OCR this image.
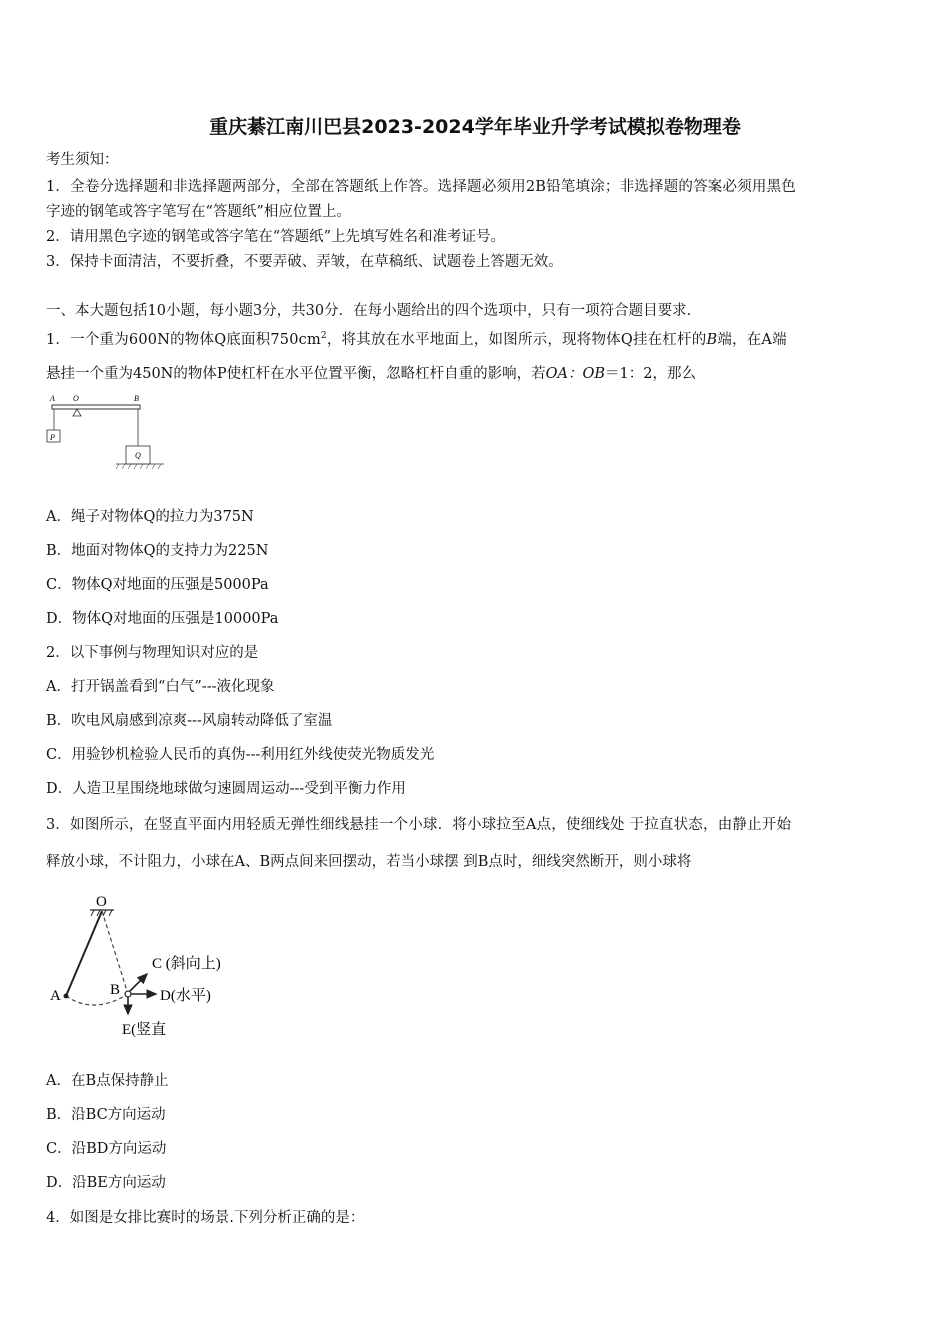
重庆綦江南川巴县2023-2024学年毕业升学考试模拟卷物理卷
考生须知：
1．全卷分选择题和非选择题两部分，全部在答题纸上作答。选择题必须用2B铅笔填涂；非选择题的答案必须用黑色
字迹的钢笔或答字笔写在“答题纸”相应位置上。
2．请用黑色字迹的钢笔或答字笔在“答题纸”上先填写姓名和准考证号。
3．保持卡面清洁，不要折叠，不要弄破、弄皱，在草稿纸、试题卷上答题无效。
一、本大题包括10小题，每小题3分，共30分．在每小题给出的四个选项中，只有一项符合题目要求．
1．一个重为600N的物体Q底面积$750cm^2$，将其放在水平地面上，如图所示，现将物体Q挂在杠杆的B端，在A端
悬挂一个重为450N的物体P使杠杆在水平位置平衡，忽略杠杆自重的影响，若OA：OB＝1：2，那么
A O	B
P
Q
A．绳子对物体Q的拉力为375N
B．地面对物体Q的支持力为225N
C．物体Q对地面的压强是5000Pa
D．物体Q对地面的压强是10000Pa
2．以下事例与物理知识对应的是
A．打开锅盖看到“白气”---液化现象
B．吹电风扇感到凉爽---风扇转动降低了室温
C．用验钞机检验人民币的真伪---利用红外线使荧光物质发光
D．人造卫星围绕地球做匀速圆周运动---受到平衡力作用
3．如图所示，在竖直平面内用轻质无弹性细线悬挂一个小球．将小球拉至A点，使细线处 于拉直状态，由静止开始
释放小球，不计阻力，小球在A、B两点间来回摆动，若当小球摆 到B点时，细线突然断开，则小球将
O
A	B
C (斜向上)
D(水平)
E(竖直
A．在B点保持静止
B．沿BC方向运动
C．沿BD方向运动
D．沿BE方向运动
4．如图是女排比赛时的场景.下列分析正确的是：
